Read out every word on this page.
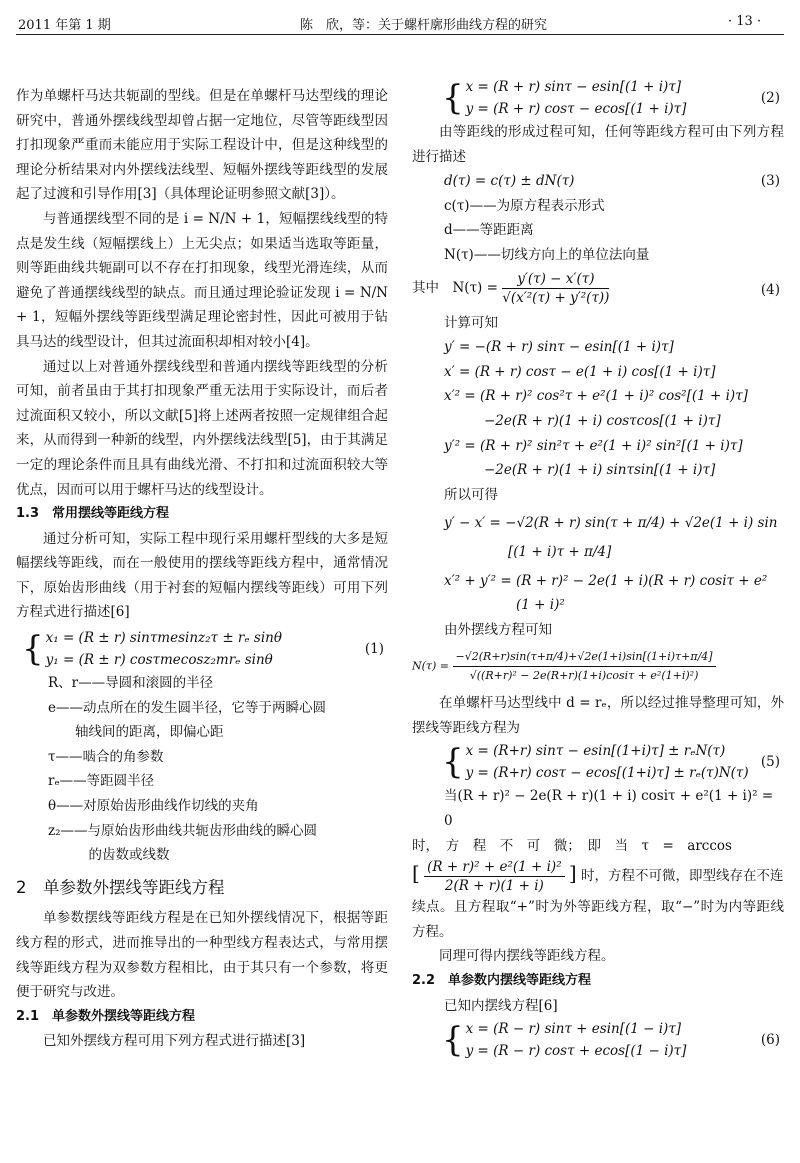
2011 年第 1 期	陈　欣，等：关于螺杆廓形曲线方程的研究	· 13 ·

作为单螺杆马达共轭副的型线。但是在单螺杆马达型线的理论研究中，普通外摆线线型却曾占据一定地位，尽管等距线型因打扣现象严重而未能应用于实际工程设计中，但是这种线型的理论分析结果对内外摆线法线型、短幅外摆线等距线型的发展起了过渡和引导作用[3]（具体理论证明参照文献[3]）。

与普通摆线型不同的是 i = N/N + 1，短幅摆线线型的特点是发生线（短幅摆线上）上无尖点；如果适当选取等距量，则等距曲线共轭副可以不存在打扣现象，线型光滑连续，从而避免了普通摆线线型的缺点。而且通过理论验证发现 i = N/N + 1，短幅外摆线等距线型满足理论密封性，因此可被用于钻具马达的线型设计，但其过流面积却相对较小[4]。

通过以上对普通外摆线线型和普通内摆线等距线型的分析可知，前者虽由于其打扣现象严重无法用于实际设计，而后者过流面积又较小，所以文献[5]将上述两者按照一定规律组合起来，从而得到一种新的线型，内外摆线法线型[5]，由于其满足一定的理论条件而且具有曲线光滑、不打扣和过流面积较大等优点，因而可以用于螺杆马达的线型设计。

1.3　常用摆线等距线方程

通过分析可知，实际工程中现行采用螺杆型线的大多是短幅摆线等距线，而在一般使用的摆线等距线方程中，通常情况下，原始齿形曲线（用于衬套的短幅内摆线等距线）可用下列方程式进行描述[6]

{ x₁ = (R ± r) sinτmesinz₂τ ± rₑ sinθ
y₁ = (R ± r) cosτmecosz₂mrₑ sinθ
(1)
R、r——导圆和滚圆的半径
e——动点所在的发生圆半径，它等于两瞬心圆
　　轴线间的距离，即偏心距
τ——啮合的角参数
rₑ——等距圆半径
θ——对原始齿形曲线作切线的夹角
z₂——与原始齿形曲线共轭齿形曲线的瞬心圆
　　　的齿数或线数
2　单参数外摆线等距线方程

单参数摆线等距线方程是在已知外摆线情况下，根据等距线方程的形式，进而推导出的一种型线方程表达式，与常用摆线等距线方程为双参数方程相比，由于其只有一个参数，将更便于研究与改进。

2.1　单参数外摆线等距线方程

已知外摆线方程可用下列方程式进行描述[3]

{ x = (R + r) sinτ − esin[(1 + i)τ]
y = (R + r) cosτ − ecos[(1 + i)τ]
(2)

由等距线的形成过程可知，任何等距线方程可由下列方程进行描述

d(τ) = c(τ) ± dN(τ)	(3)
c(τ)——为原方程表示形式
d——等距距离
N(τ)——切线方向上的单位法向量
其中　$N(\tau) = \frac{y'(\tau) - x'(\tau)}{\text{√(x′²(τ) + y′²(τ))}}$	(4)
计算可知
y′ = −(R + r) sinτ − esin[(1 + i)τ]
x′ = (R + r) cosτ − e(1 + i) cos[(1 + i)τ]
x′² = (R + r)² cos²τ + e²(1 + i)² cos²[(1 + i)τ]
−2e(R + r)(1 + i) cosτcos[(1 + i)τ]
y′² = (R + r)² sin²τ + e²(1 + i)² sin²[(1 + i)τ]
−2e(R + r)(1 + i) sinτsin[(1 + i)τ]
所以可得
y′ − x′ = −√2(R + r) sin(τ + π/4) + √2e(1 + i) sin
[(1 + i)τ + π/4]
x′² + y′² = (R + r)² − 2e(1 + i)(R + r) cosiτ + e²
(1 + i)²
由外摆线方程可知
$N(\tau) = \frac{-√2(R+r)\sin(\tau+\pi/4)+√2e(1+i)\sin[(1+i)\tau+\pi/4]}{\text{√((R+r)² − 2e(R+r)(1+i)cosiτ + e²(1+i)²)}}$

在单螺杆马达型线中 d = rₑ，所以经过推导整理可知，外摆线等距线方程为

{ x = (R+r) sinτ − esin[(1+i)τ] ± rₑN(τ)
y = (R+r) cosτ − ecos[(1+i)τ] ± rₑ(τ)N(τ)
(5)
当(R + r)² − 2e(R + r)(1 + i) cosiτ + e²(1 + i)² = 0
时，　方　程　不　可　微；　即　当　τ　=　arccos
[ $\frac{\text{(R + r)² + e²(1 + i)²}}{2(R + r)(1 + i)}$ ] 时，方程不可微，即型线存在不连

续点。且方程取“+”时为外等距线方程，取“−”时为内等距线方程。

同理可得内摆线等距线方程。

2.2　单参数内摆线等距线方程
已知内摆线方程[6]
{ x = (R − r) sinτ + esin[(1 − i)τ]
y = (R − r) cosτ + ecos[(1 − i)τ]
(6)
